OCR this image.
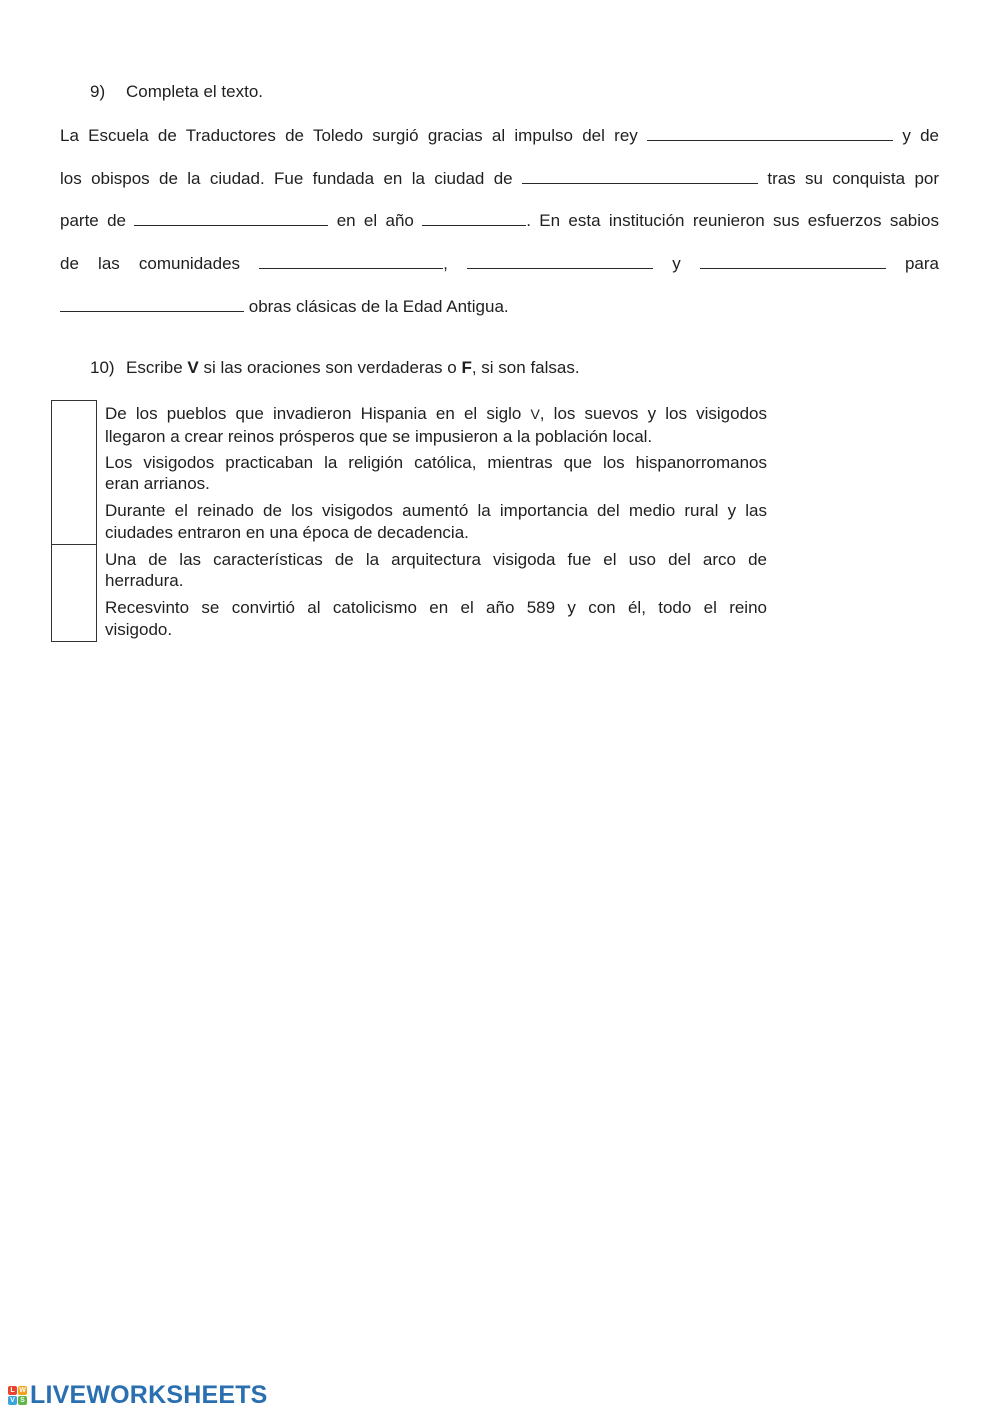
9) Completa el texto.
La Escuela de Traductores de Toledo surgió gracias al impulso del rey	y de
los obispos de la ciudad. Fue fundada en la ciudad de	tras su conquista por
parte de	en el año	. En esta institución reunieron sus esfuerzos sabios
de las comunidades	,	y	para
obras clásicas de la Edad Antigua.
10) Escribe V si las oraciones son verdaderas o F, si son falsas.
De los pueblos que invadieron Hispania en el siglo V, los suevos y los visigodos
llegaron a crear reinos prósperos que se impusieron a la población local.
Los visigodos practicaban la religión católica, mientras que los hispanorromanos
eran arrianos.
Durante el reinado de los visigodos aumentó la importancia del medio rural y las
ciudades entraron en una época de decadencia.
Una de las características de la arquitectura visigoda fue el uso del arco de
herradura.
Recesvinto se convirtió al catolicismo en el año 589 y con él, todo el reino
visigodo.
L W
V S LIVEWORKSHEETS
